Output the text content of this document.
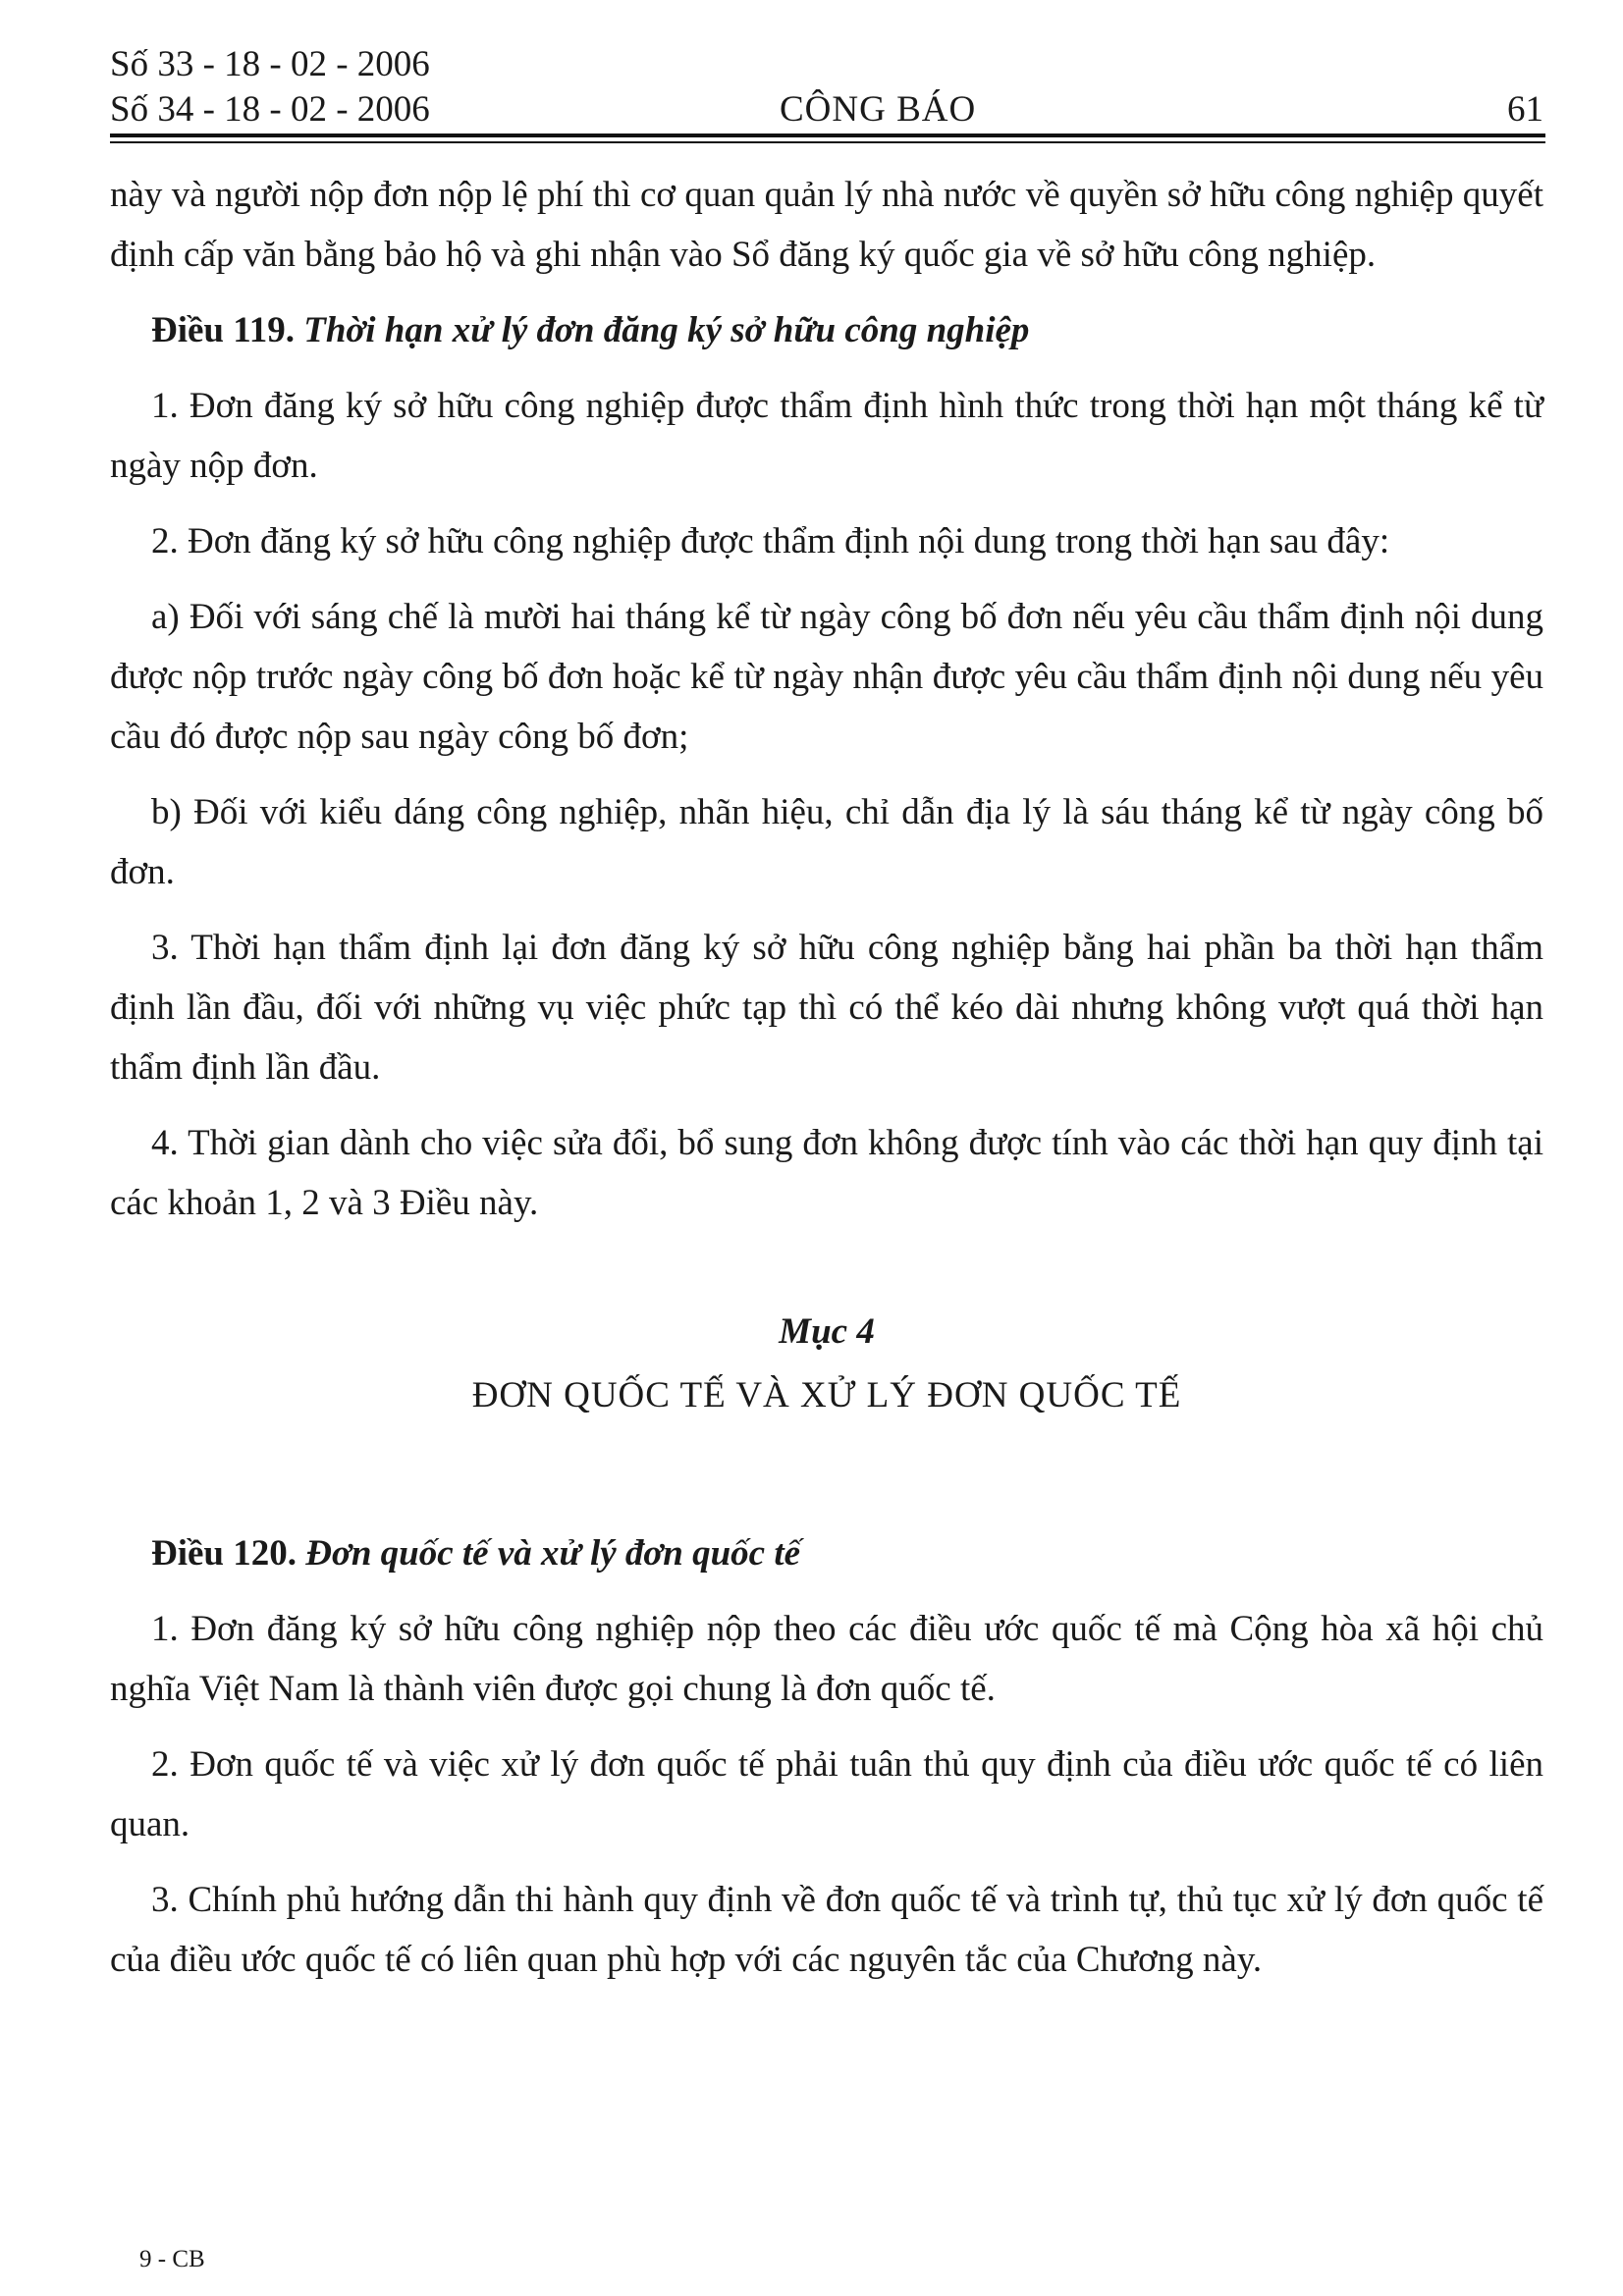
Số 33 - 18 - 02 - 2006
Số 34 - 18 - 02 - 2006	CÔNG BÁO	61

này và người nộp đơn nộp lệ phí thì cơ quan quản lý nhà nước về quyền sở hữu công nghiệp quyết định cấp văn bằng bảo hộ và ghi nhận vào Sổ đăng ký quốc gia về sở hữu công nghiệp.

Điều 119. Thời hạn xử lý đơn đăng ký sở hữu công nghiệp

1. Đơn đăng ký sở hữu công nghiệp được thẩm định hình thức trong thời hạn một tháng kể từ ngày nộp đơn.

2. Đơn đăng ký sở hữu công nghiệp được thẩm định nội dung trong thời hạn sau đây:

a) Đối với sáng chế là mười hai tháng kể từ ngày công bố đơn nếu yêu cầu thẩm định nội dung được nộp trước ngày công bố đơn hoặc kể từ ngày nhận được yêu cầu thẩm định nội dung nếu yêu cầu đó được nộp sau ngày công bố đơn;

b) Đối với kiểu dáng công nghiệp, nhãn hiệu, chỉ dẫn địa lý là sáu tháng kể từ ngày công bố đơn.

3. Thời hạn thẩm định lại đơn đăng ký sở hữu công nghiệp bằng hai phần ba thời hạn thẩm định lần đầu, đối với những vụ việc phức tạp thì có thể kéo dài nhưng không vượt quá thời hạn thẩm định lần đầu.

4. Thời gian dành cho việc sửa đổi, bổ sung đơn không được tính vào các thời hạn quy định tại các khoản 1, 2 và 3 Điều này.

Mục 4
ĐƠN QUỐC TẾ VÀ XỬ LÝ ĐƠN QUỐC TẾ

Điều 120. Đơn quốc tế và xử lý đơn quốc tế

1. Đơn đăng ký sở hữu công nghiệp nộp theo các điều ước quốc tế mà Cộng hòa xã hội chủ nghĩa Việt Nam là thành viên được gọi chung là đơn quốc tế.

2. Đơn quốc tế và việc xử lý đơn quốc tế phải tuân thủ quy định của điều ước quốc tế có liên quan.

3. Chính phủ hướng dẫn thi hành quy định về đơn quốc tế và trình tự, thủ tục xử lý đơn quốc tế của điều ước quốc tế có liên quan phù hợp với các nguyên tắc của Chương này.

9 - CB
